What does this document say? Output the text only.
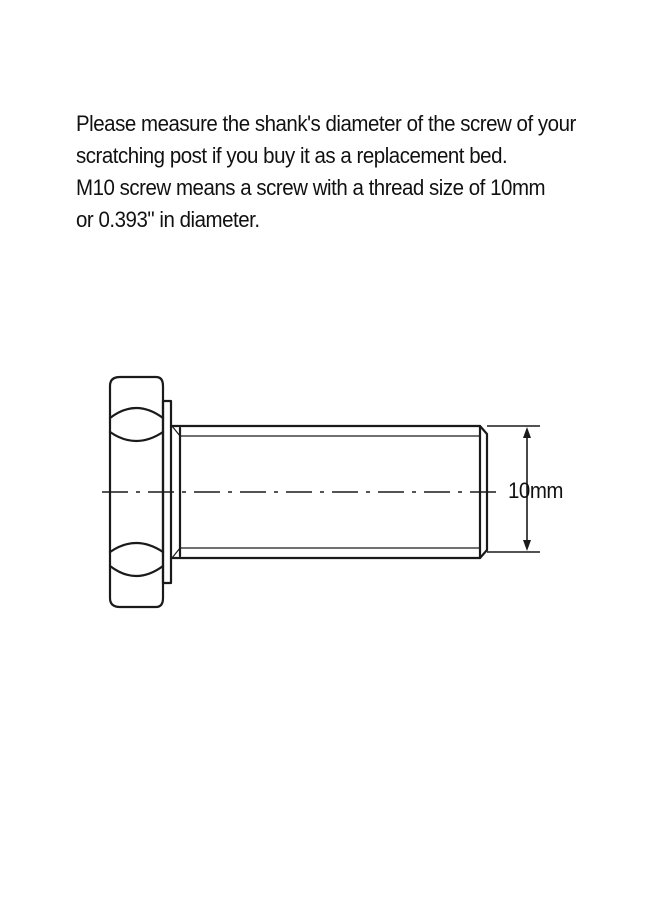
Please measure the shank's diameter of the screw of your

scratching post if you buy it as a replacement bed.

M10 screw means a screw with a thread size of 10mm

or 0.393" in diameter.

10mm
